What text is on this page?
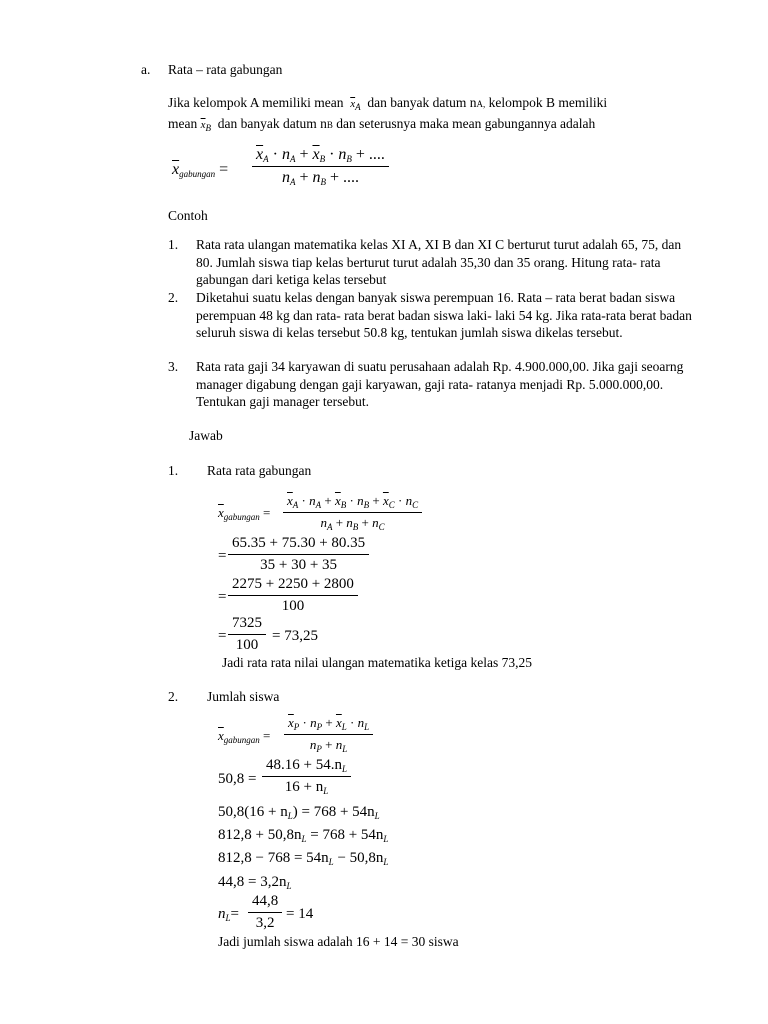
a. Rata – rata gabungan
Jika kelompok A memiliki mean $\overline{x}_A$ dan banyak datum nA, kelompok B memiliki
mean $\overline{x}_B$ dan banyak datum nB dan seterusnya maka mean gabungannya adalah
$\overline{x}_{gabungan} = \frac{\overline{x}_A \cdot n_A + \overline{x}_B \cdot n_B + ....}{n_A + n_B + ....}$
Contoh
1. Rata rata ulangan matematika kelas XI A, XI B dan XI C berturut turut adalah 65, 75, dan 80. Jumlah siswa tiap kelas berturut turut adalah 35,30 dan 35 orang. Hitung rata- rata gabungan dari ketiga kelas tersebut
2. Diketahui suatu kelas dengan banyak siswa perempuan 16. Rata – rata berat badan siswa perempuan 48 kg dan rata- rata berat badan siswa laki- laki 54 kg. Jika rata-rata berat badan seluruh siswa di kelas tersebut 50.8 kg, tentukan jumlah siswa dikelas tersebut.
3. Rata rata gaji 34 karyawan di suatu perusahaan adalah Rp. 4.900.000,00. Jika gaji seoarng manager digabung dengan gaji karyawan, gaji rata- ratanya menjadi Rp. 5.000.000,00. Tentukan gaji manager tersebut.
Jawab
1. Rata rata gabungan
$\overline{x}_{gabungan} = \frac{\overline{x}_A \cdot n_A + \overline{x}_B \cdot n_B + \overline{x}_C \cdot n_C}{n_A + n_B + n_C}$
= $\frac{65.35 + 75.30 + 80.35}{35 + 30 + 35}$
= $\frac{2275 + 2250 + 2800}{100}$
= $\frac{7325}{100} = 73,25$
Jadi rata rata nilai ulangan matematika ketiga kelas 73,25
2. Jumlah siswa
$\overline{x}_{gabungan} = \frac{\overline{x}_P \cdot n_P + \overline{x}_L \cdot n_L}{n_P + n_L}$
$50,8 = \frac{48.16 + 54.n_L}{16 + n_L}$
$50,8(16 + n_L) = 768 + 54n_L$
$812,8 + 50,8n_L = 768 + 54n_L$
$812,8 - 768 = 54n_L - 50,8n_L$
$44,8 = 3,2n_L$
$n_L= \frac{44,8}{3,2} = 14$
Jadi jumlah siswa adalah 16 + 14 = 30 siswa
